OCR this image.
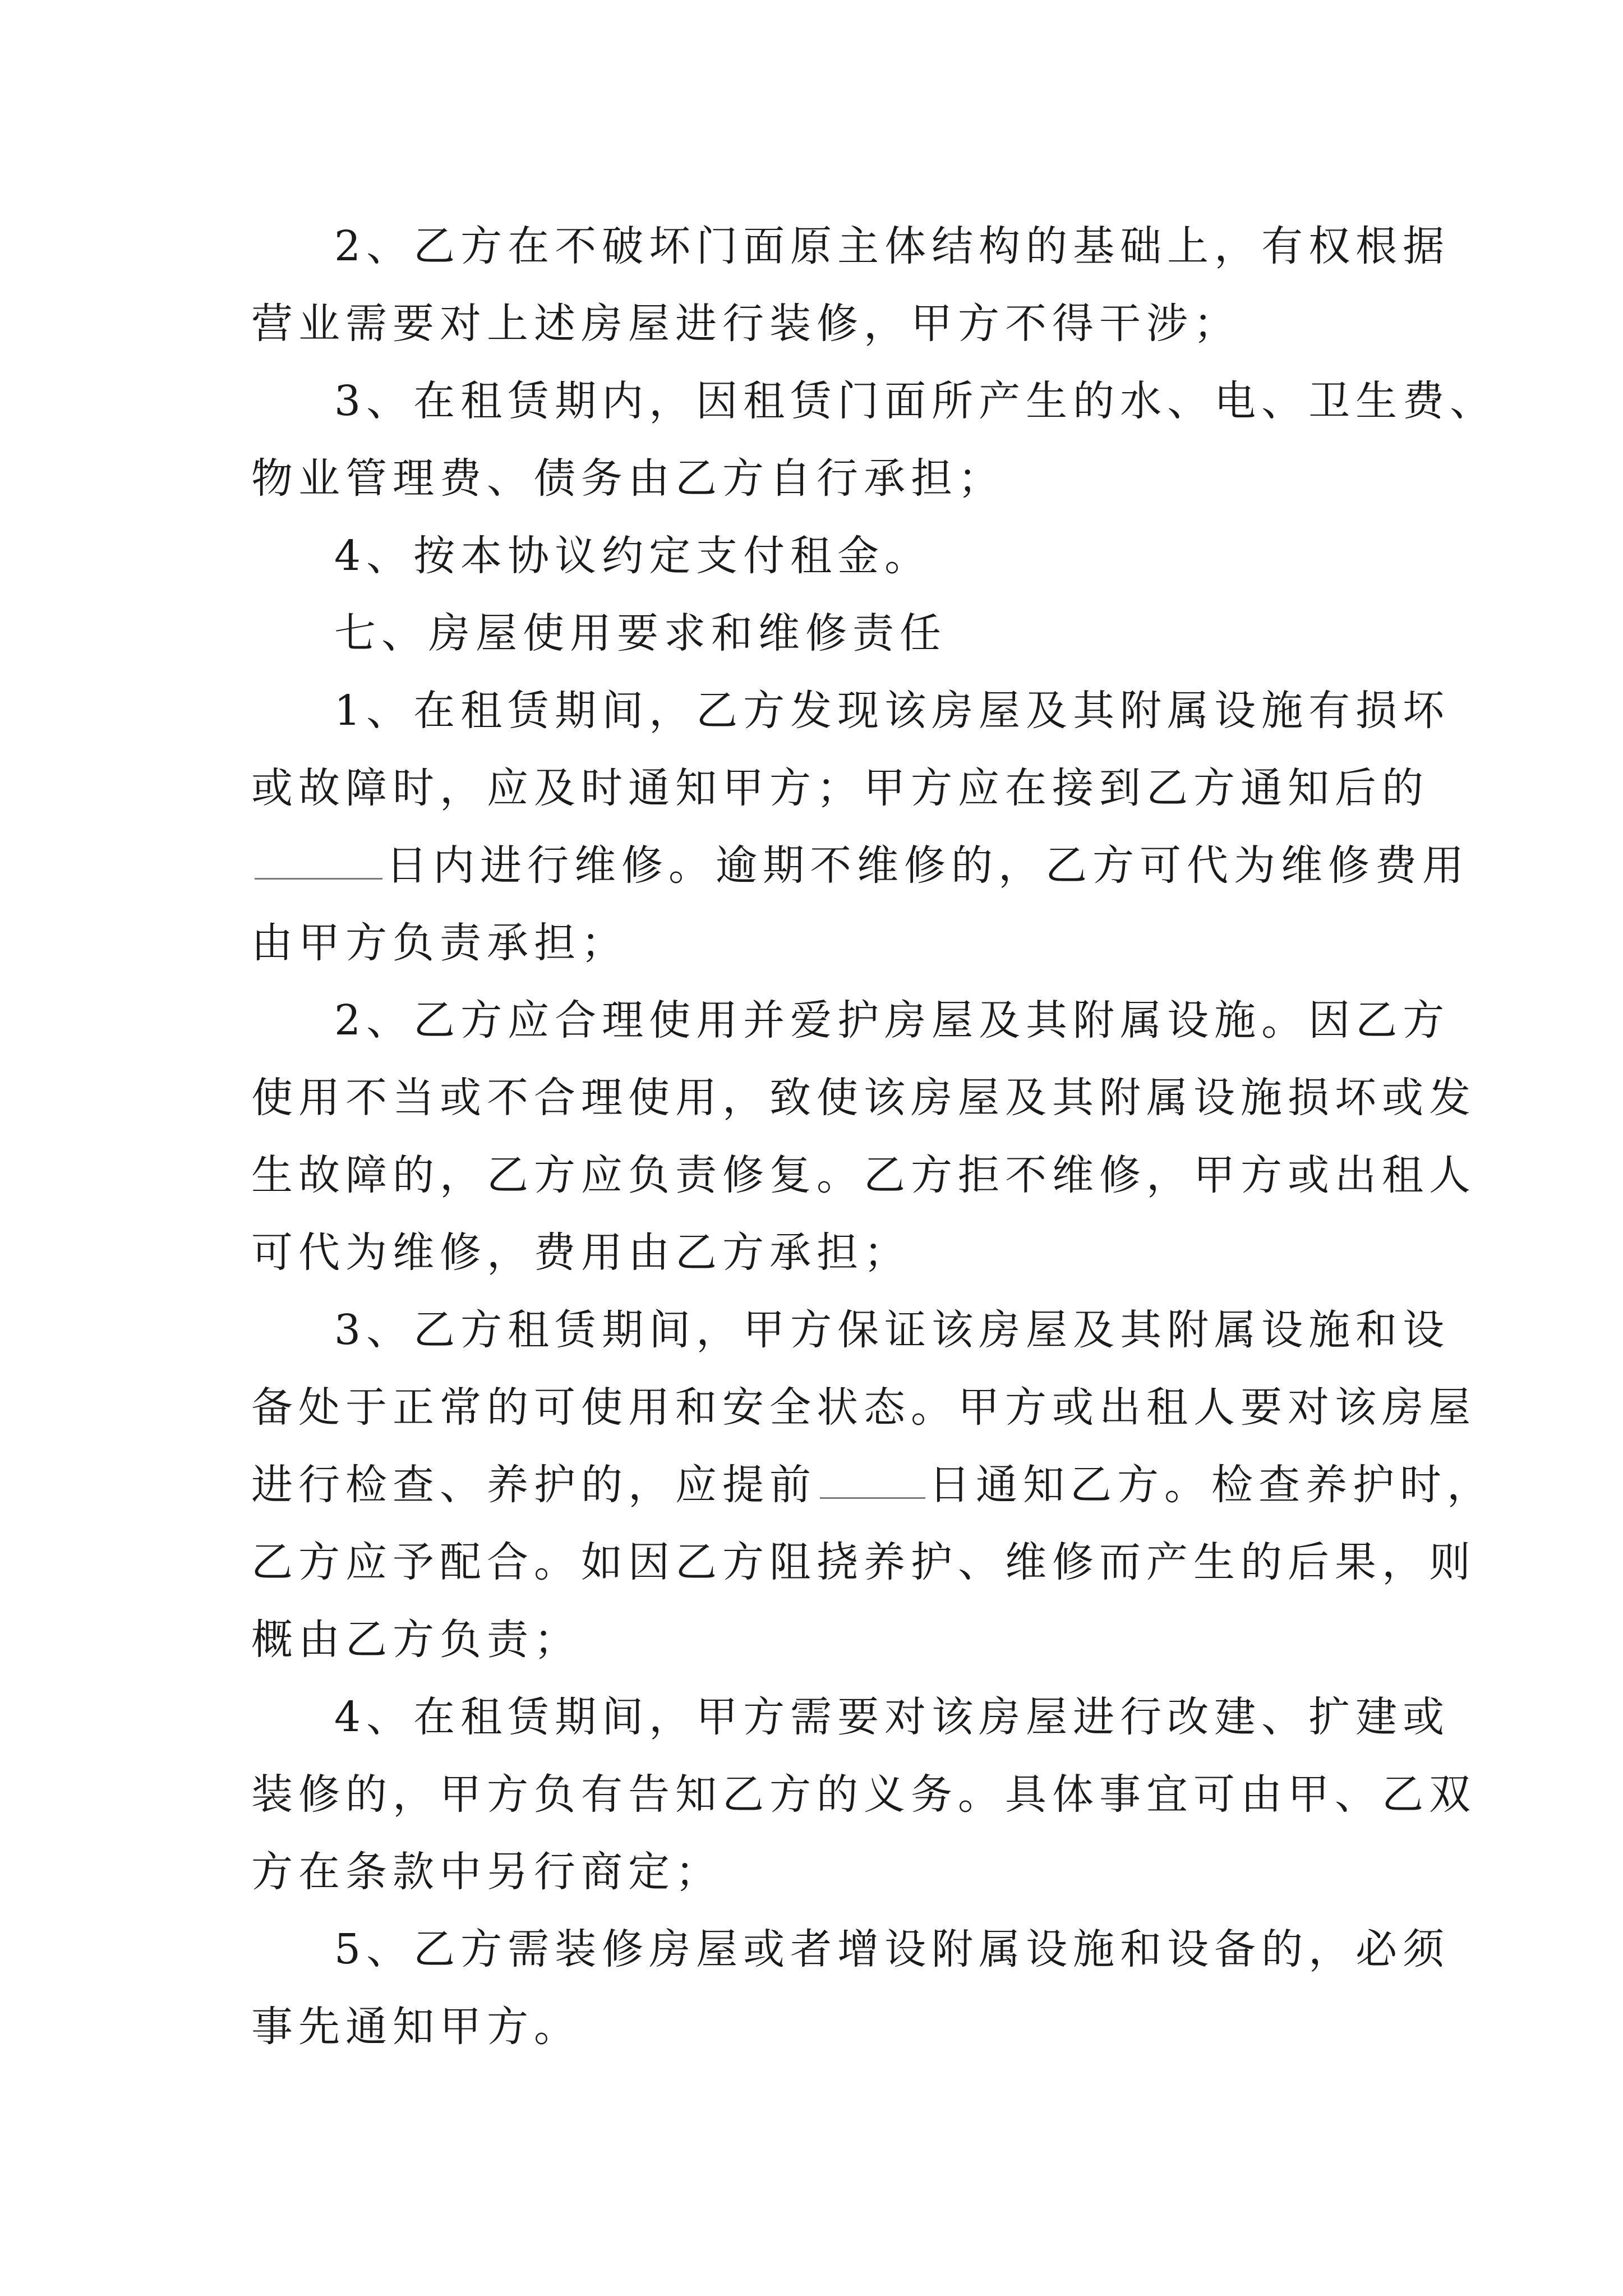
2、乙方在不破坏门面原主体结构的基础上，有权根据
营业需要对上述房屋进行装修，甲方不得干涉；
3、在租赁期内，因租赁门面所产生的水、电、卫生费、
物业管理费、债务由乙方自行承担；
4、按本协议约定支付租金。
七、房屋使用要求和维修责任
1、在租赁期间，乙方发现该房屋及其附属设施有损坏
或故障时，应及时通知甲方；甲方应在接到乙方通知后的
日内进行维修。逾期不维修的，乙方可代为维修费用
由甲方负责承担；
2、乙方应合理使用并爱护房屋及其附属设施。因乙方
使用不当或不合理使用，致使该房屋及其附属设施损坏或发
生故障的，乙方应负责修复。乙方拒不维修，甲方或出租人
可代为维修，费用由乙方承担；
3、乙方租赁期间，甲方保证该房屋及其附属设施和设
备处于正常的可使用和安全状态。甲方或出租人要对该房屋
进行检查、养护的，应提前	日通知乙方。检查养护时，
乙方应予配合。如因乙方阻挠养护、维修而产生的后果，则
概由乙方负责；
4、在租赁期间，甲方需要对该房屋进行改建、扩建或
装修的，甲方负有告知乙方的义务。具体事宜可由甲、乙双
方在条款中另行商定；
5、乙方需装修房屋或者增设附属设施和设备的，必须
事先通知甲方。
